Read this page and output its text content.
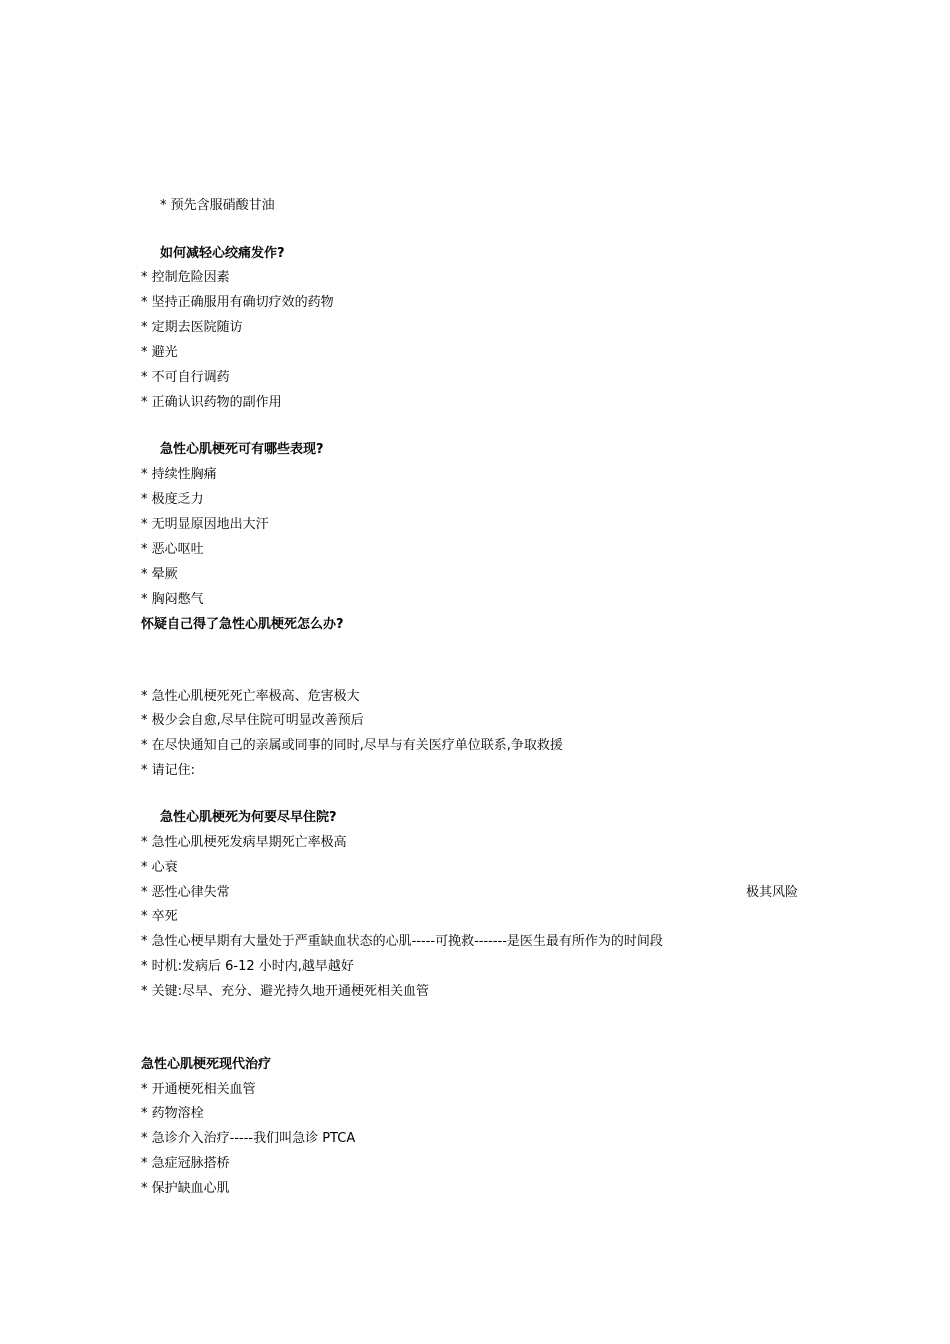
* 预先含服硝酸甘油
如何减轻心绞痛发作?
* 控制危险因素
* 坚持正确服用有确切疗效的药物
* 定期去医院随访
* 避光
* 不可自行调药
* 正确认识药物的副作用
急性心肌梗死可有哪些表现?
* 持续性胸痛
* 极度乏力
* 无明显原因地出大汗
* 恶心呕吐
* 晕厥
* 胸闷憋气
怀疑自己得了急性心肌梗死怎么办?
* 急性心肌梗死死亡率极高、危害极大
* 极少会自愈,尽早住院可明显改善预后
* 在尽快通知自己的亲属或同事的同时,尽早与有关医疗单位联系,争取救援
* 请记住:
急性心肌梗死为何要尽早住院?
* 急性心肌梗死发病早期死亡率极高
* 心衰
* 恶性心律失常	极其风险
* 卒死
* 急性心梗早期有大量处于严重缺血状态的心肌-----可挽救-------是医生最有所作为的时间段
* 时机:发病后 6-12 小时内,越早越好
* 关键:尽早、充分、避光持久地开通梗死相关血管
急性心肌梗死现代治疗
* 开通梗死相关血管
* 药物溶栓
* 急诊介入治疗-----我们叫急诊 PTCA
* 急症冠脉搭桥
* 保护缺血心肌
